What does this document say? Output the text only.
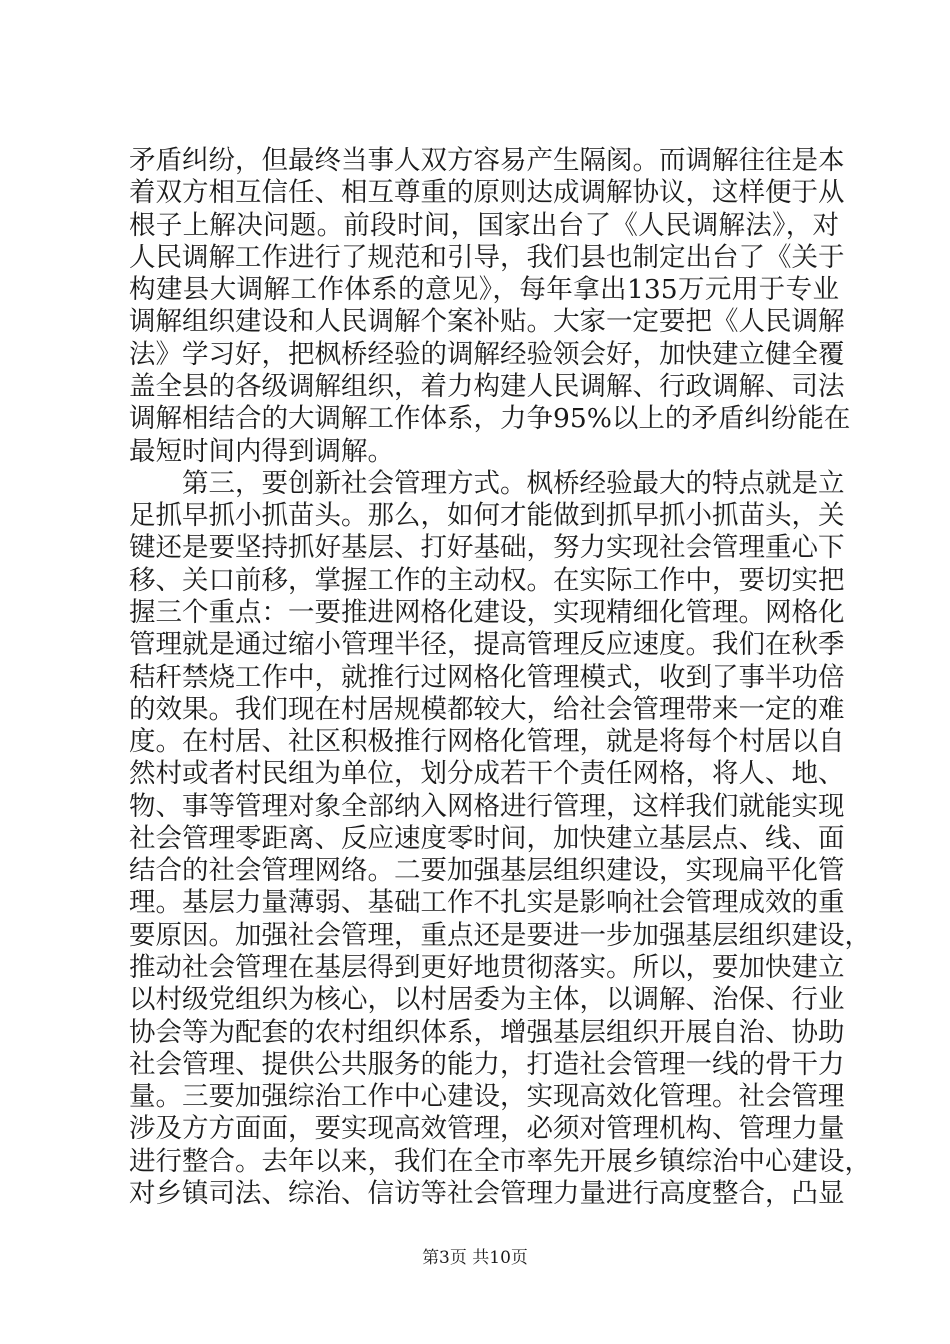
矛盾纠纷，但最终当事人双方容易产生隔阂。而调解往往是本
着双方相互信任、相互尊重的原则达成调解协议，这样便于从
根子上解决问题。前段时间，国家出台了《人民调解法》，对
人民调解工作进行了规范和引导，我们县也制定出台了《关于
构建县大调解工作体系的意见》，每年拿出135万元用于专业
调解组织建设和人民调解个案补贴。大家一定要把《人民调解
法》学习好，把枫桥经验的调解经验领会好，加快建立健全覆
盖全县的各级调解组织，着力构建人民调解、行政调解、司法
调解相结合的大调解工作体系，力争95%以上的矛盾纠纷能在
最短时间内得到调解。
　　第三，要创新社会管理方式。枫桥经验最大的特点就是立
足抓早抓小抓苗头。那么，如何才能做到抓早抓小抓苗头，关
键还是要坚持抓好基层、打好基础，努力实现社会管理重心下
移、关口前移，掌握工作的主动权。在实际工作中，要切实把
握三个重点：一要推进网格化建设，实现精细化管理。网格化
管理就是通过缩小管理半径，提高管理反应速度。我们在秋季
秸秆禁烧工作中，就推行过网格化管理模式，收到了事半功倍
的效果。我们现在村居规模都较大，给社会管理带来一定的难
度。在村居、社区积极推行网格化管理，就是将每个村居以自
然村或者村民组为单位，划分成若干个责任网格，将人、地、
物、事等管理对象全部纳入网格进行管理，这样我们就能实现
社会管理零距离、反应速度零时间，加快建立基层点、线、面
结合的社会管理网络。二要加强基层组织建设，实现扁平化管
理。基层力量薄弱、基础工作不扎实是影响社会管理成效的重
要原因。加强社会管理，重点还是要进一步加强基层组织建设，
推动社会管理在基层得到更好地贯彻落实。所以，要加快建立
以村级党组织为核心，以村居委为主体，以调解、治保、行业
协会等为配套的农村组织体系，增强基层组织开展自治、协助
社会管理、提供公共服务的能力，打造社会管理一线的骨干力
量。三要加强综治工作中心建设，实现高效化管理。社会管理
涉及方方面面，要实现高效管理，必须对管理机构、管理力量
进行整合。去年以来，我们在全市率先开展乡镇综治中心建设，
对乡镇司法、综治、信访等社会管理力量进行高度整合，凸显
第3页 共10页
